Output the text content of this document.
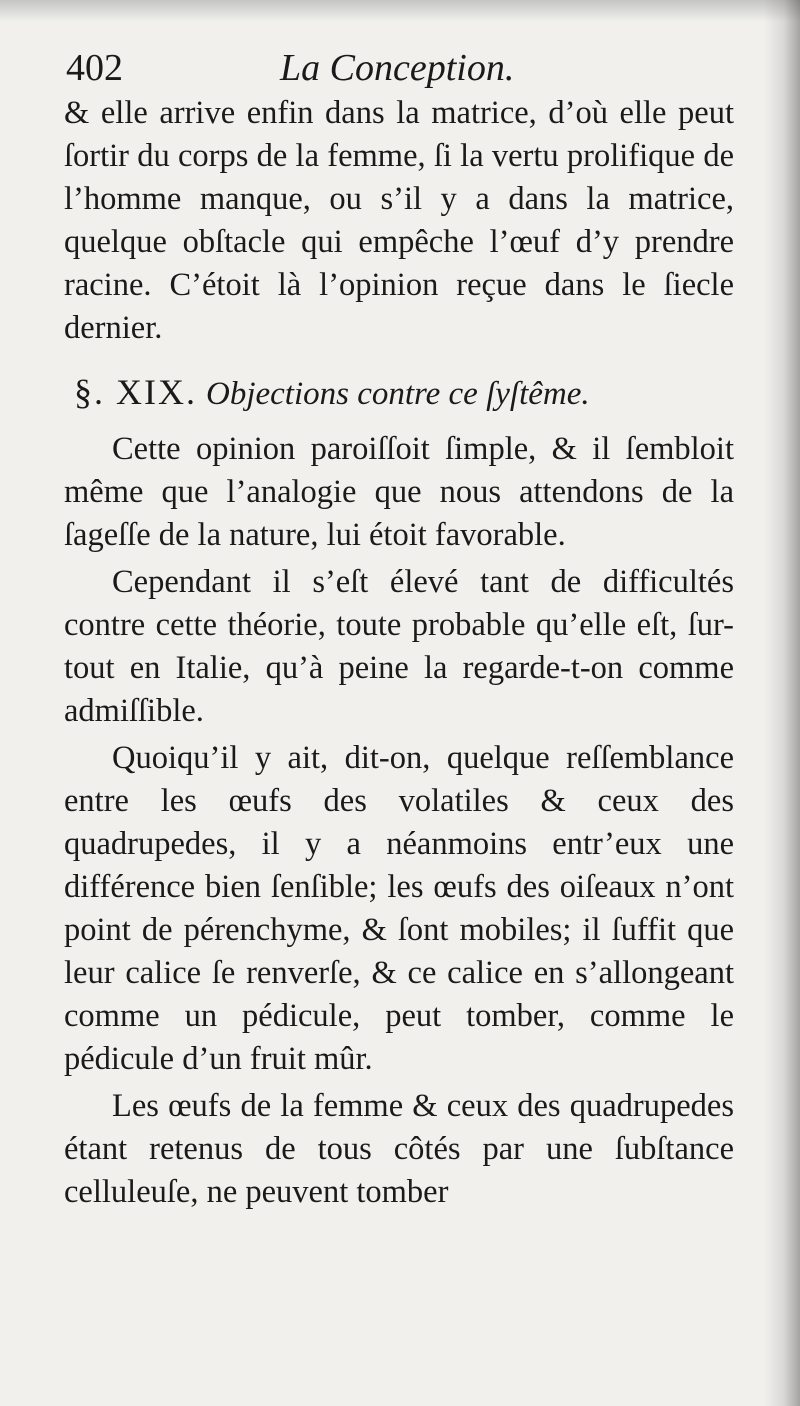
402	La Conception.

& elle arrive enfin dans la matrice, d’où elle peut ſortir du corps de la femme, ſi la vertu prolifique de l’homme manque, ou s’il y a dans la matrice, quelque obſtacle qui empêche l’œuf d’y prendre racine. C’étoit là l’opinion reçue dans le ſiecle dernier.

§. XIX. Objections contre ce ſyſtême.

Cette opinion paroiſſoit ſimple, & il ſembloit même que l’analogie que nous attendons de la ſageſſe de la nature, lui étoit favorable.

Cependant il s’eſt élevé tant de difficultés contre cette théorie, toute probable qu’elle eſt, ſur-tout en Italie, qu’à peine la regarde-t-on comme admiſſible.

Quoiqu’il y ait, dit-on, quelque reſſemblance entre les œufs des volatiles & ceux des quadrupedes, il y a néanmoins entr’eux une différence bien ſenſible; les œufs des oiſeaux n’ont point de pérenchyme, & ſont mobiles; il ſuffit que leur calice ſe renverſe, & ce calice en s’allongeant comme un pédicule, peut tomber, comme le pédicule d’un fruit mûr.

Les œufs de la femme & ceux des quadrupedes étant retenus de tous côtés par une ſubſtance celluleuſe, ne peuvent tomber
